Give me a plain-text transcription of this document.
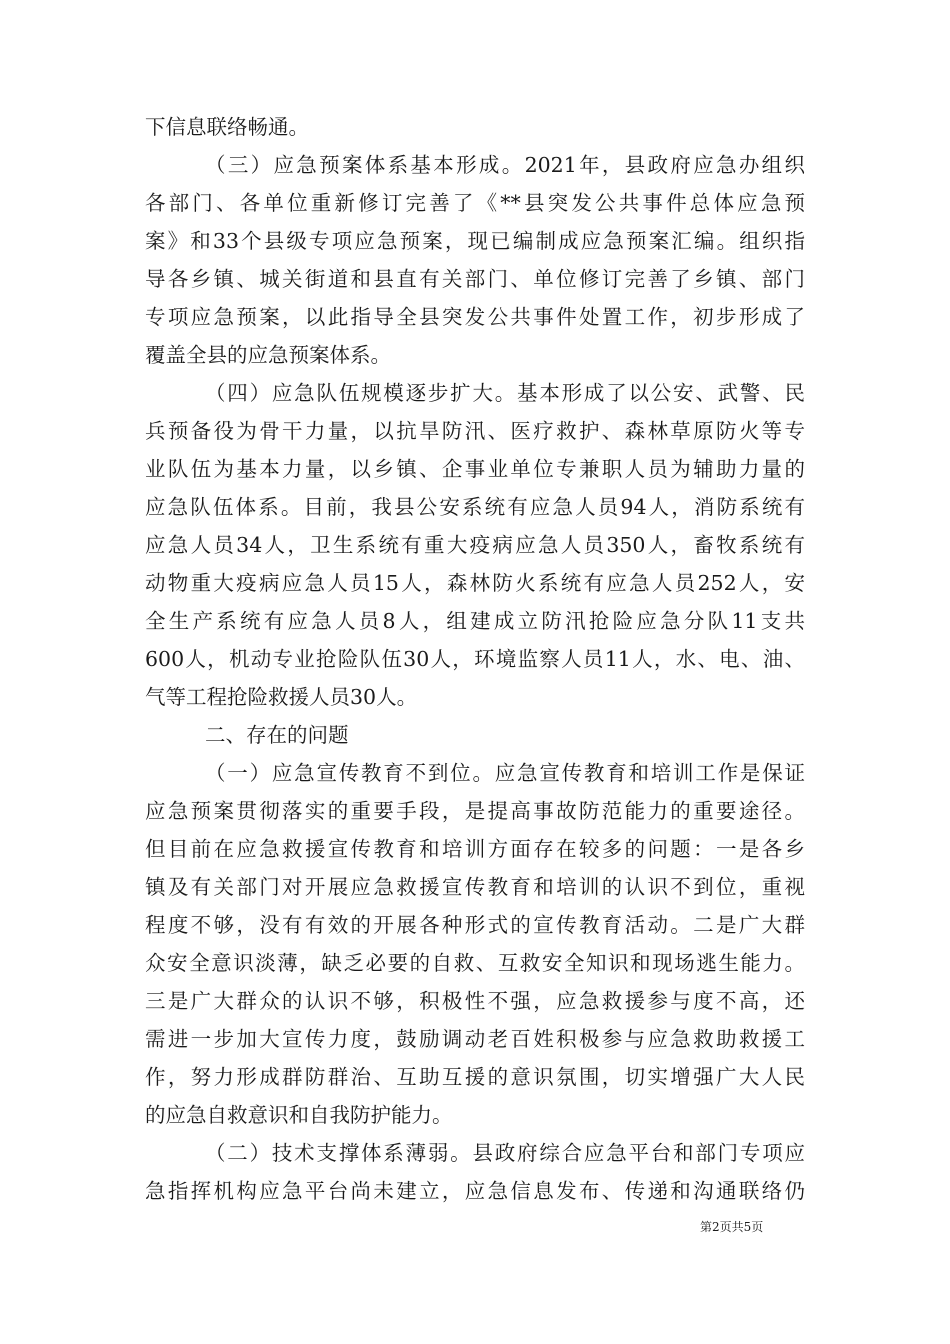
下信息联络畅通。
（三）应急预案体系基本形成。2021年，县政府应急办组织
各部门、各单位重新修订完善了《**县突发公共事件总体应急预
案》和33个县级专项应急预案，现已编制成应急预案汇编。组织指
导各乡镇、城关街道和县直有关部门、单位修订完善了乡镇、部门
专项应急预案，以此指导全县突发公共事件处置工作，初步形成了
覆盖全县的应急预案体系。
（四）应急队伍规模逐步扩大。基本形成了以公安、武警、民
兵预备役为骨干力量，以抗旱防汛、医疗救护、森林草原防火等专
业队伍为基本力量，以乡镇、企事业单位专兼职人员为辅助力量的
应急队伍体系。目前，我县公安系统有应急人员94人，消防系统有
应急人员34人，卫生系统有重大疫病应急人员350人，畜牧系统有
动物重大疫病应急人员15人，森林防火系统有应急人员252人，安
全生产系统有应急人员8人，组建成立防汛抢险应急分队11支共
600人，机动专业抢险队伍30人，环境监察人员11人，水、电、油、
气等工程抢险救援人员30人。
二、存在的问题
（一）应急宣传教育不到位。应急宣传教育和培训工作是保证
应急预案贯彻落实的重要手段，是提高事故防范能力的重要途径。
但目前在应急救援宣传教育和培训方面存在较多的问题：一是各乡
镇及有关部门对开展应急救援宣传教育和培训的认识不到位，重视
程度不够，没有有效的开展各种形式的宣传教育活动。二是广大群
众安全意识淡薄，缺乏必要的自救、互救安全知识和现场逃生能力。
三是广大群众的认识不够，积极性不强，应急救援参与度不高，还
需进一步加大宣传力度，鼓励调动老百姓积极参与应急救助救援工
作，努力形成群防群治、互助互援的意识氛围，切实增强广大人民
的应急自救意识和自我防护能力。
（二）技术支撑体系薄弱。县政府综合应急平台和部门专项应
急指挥机构应急平台尚未建立，应急信息发布、传递和沟通联络仍
第2页共5页
